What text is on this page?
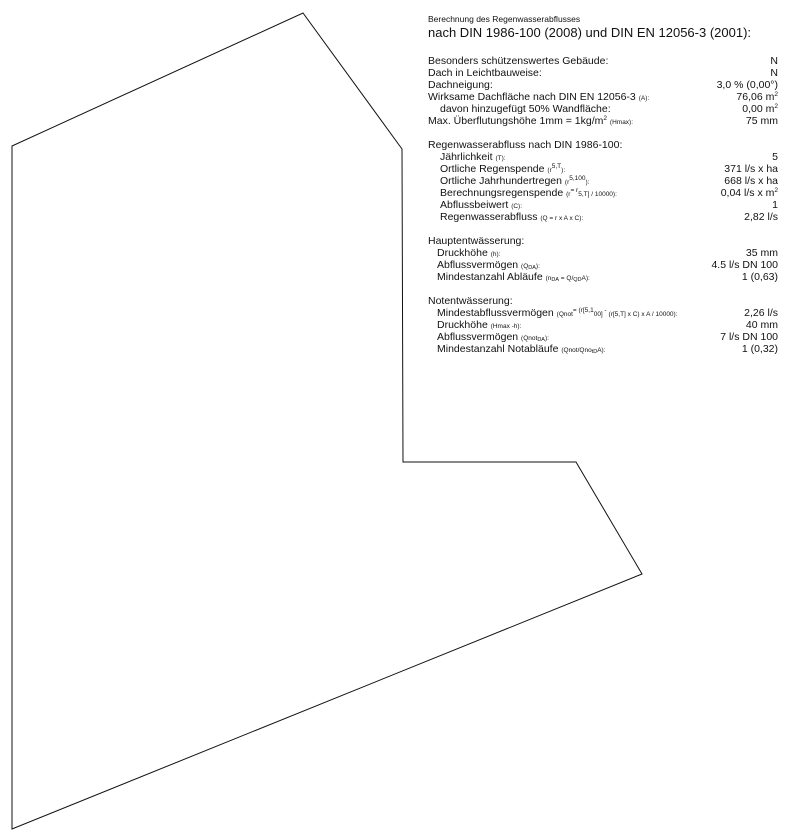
Berechnung des Regenwasserabflusses
nach DIN 1986-100 (2008) und DIN EN 12056-3 (2001):
Besonders schützenswertes Gebäude:	N
Dach in Leichtbauweise:	N
Dachneigung:	3,0 % (0,00°)
Wirksame Dachfläche nach DIN EN 12056-3 (A):	76,06 $m^2$
davon hinzugefügt 50% Wandfläche:	0,00 $m^2$
Max. Überflutungshöhe $1mm = 1kg/m^2$ (Hmax):	75 mm
Regenwasserabfluss nach DIN 1986-100:
Jährlichkeit (T):	5
Ortliche Regenspende $(r^{5,T})$:	371 l/s x ha
Ortliche Jahrhundertregen $(r^{5,100})$:	668 l/s x ha
Berechnungsregenspende $(r^{= r}5,T] / 10000$):	0,04 l/s x $m^2$
Abflussbeiwert (C):	1
Regenwasserabfluss (Q = r x A x C):	2,82 l/s
Hauptentwässerung:
Druckhöhe (h):	35 mm
Abflussvermögen $(Q_{DA})$:	4.5 l/s DN 100
Mindestanzahl Abläufe $(n_{DA} = Q/_{QD}A)$:	1 (0,63)
Notentwässerung:
Mindestabflussvermögen (Qnot$^{= (r[5,1}$00] - (r[5,T] x C) x A / 10000):	2,26 l/s
Druckhöhe (Hmax -h):	40 mm
Abflussvermögen (Qnot$_{DA}$):	7 l/s DN 100
Mindestanzahl Notabläufe (Qnot/Qno$_{tD}$A):	1 (0,32)
